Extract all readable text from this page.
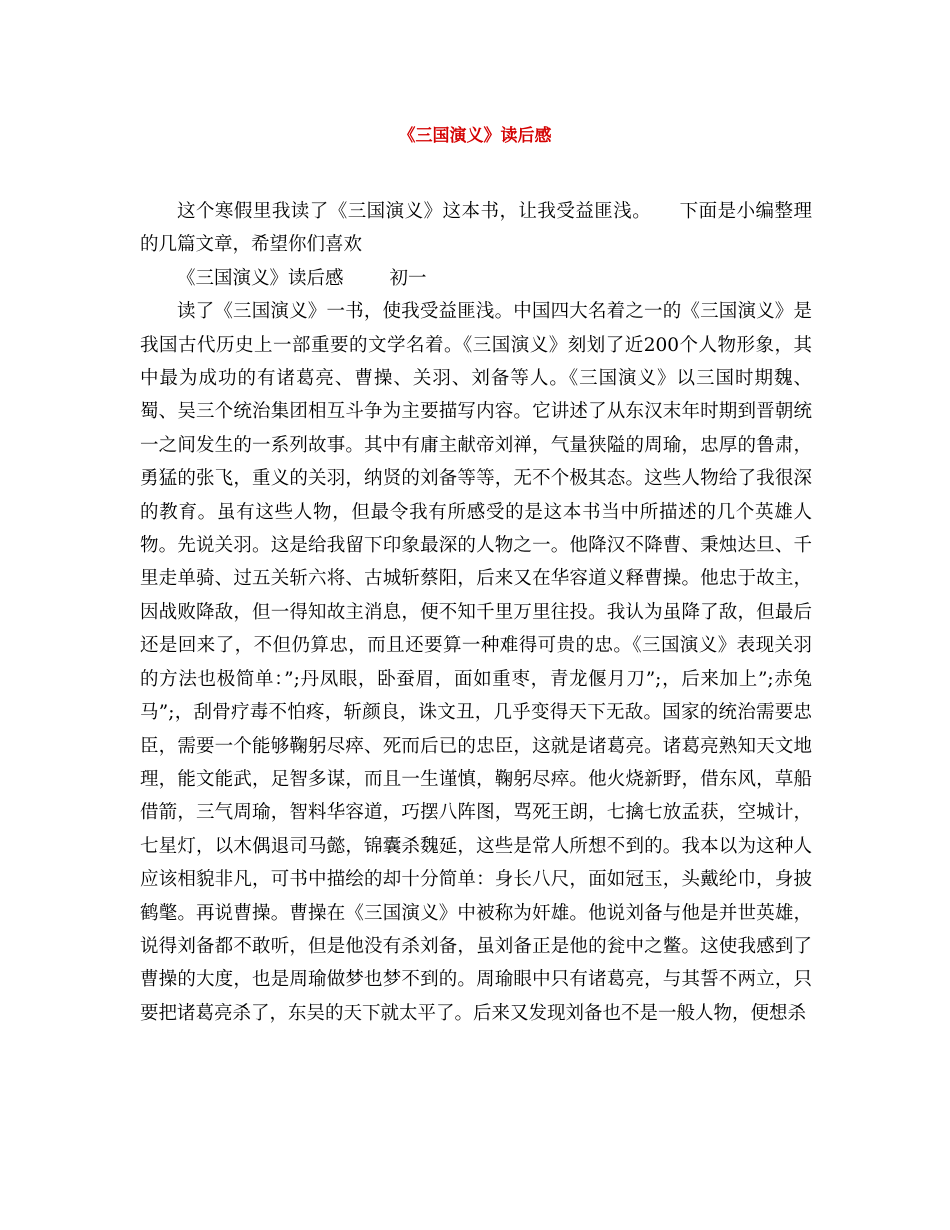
《三国演义》读后感

这个寒假里我读了《三国演义》这本书，让我受益匪浅。 下面是小编整理的几篇文章，希望你们喜欢

《三国演义》读后感 初一

读了《三国演义》一书，使我受益匪浅。中国四大名着之一的《三国演义》是我国古代历史上一部重要的文学名着。《三国演义》刻划了近200个人物形象，其中最为成功的有诸葛亮、曹操、关羽、刘备等人。《三国演义》以三国时期魏、蜀、吴三个统治集团相互斗争为主要描写内容。它讲述了从东汉末年时期到晋朝统一之间发生的一系列故事。其中有庸主献帝刘禅，气量狭隘的周瑜，忠厚的鲁肃，勇猛的张飞，重义的关羽，纳贤的刘备等等，无不个极其态。这些人物给了我很深的教育。虽有这些人物，但最令我有所感受的是这本书当中所描述的几个英雄人物。先说关羽。这是给我留下印象最深的人物之一。他降汉不降曹、秉烛达旦、千里走单骑、过五关斩六将、古城斩蔡阳，后来又在华容道义释曹操。他忠于故主，因战败降敌，但一得知故主消息，便不知千里万里往投。我认为虽降了敌，但最后还是回来了，不但仍算忠，而且还要算一种难得可贵的忠。《三国演义》表现关羽的方法也极简单：”;丹凤眼，卧蚕眉，面如重枣，青龙偃月刀”;，后来加上”;赤兔马”;，刮骨疗毒不怕疼，斩颜良，诛文丑，几乎变得天下无敌。国家的统治需要忠臣，需要一个能够鞠躬尽瘁、死而后已的忠臣，这就是诸葛亮。诸葛亮熟知天文地理，能文能武，足智多谋，而且一生谨慎，鞠躬尽瘁。他火烧新野，借东风，草船借箭，三气周瑜，智料华容道，巧摆八阵图，骂死王朗，七擒七放孟获，空城计，七星灯，以木偶退司马懿，锦囊杀魏延，这些是常人所想不到的。我本以为这种人应该相貌非凡，可书中描绘的却十分简单：身长八尺，面如冠玉，头戴纶巾，身披鹤氅。再说曹操。曹操在《三国演义》中被称为奸雄。他说刘备与他是并世英雄，说得刘备都不敢听，但是他没有杀刘备，虽刘备正是他的瓮中之鳖。这使我感到了曹操的大度，也是周瑜做梦也梦不到的。周瑜眼中只有诸葛亮，与其誓不两立，只要把诸葛亮杀了，东吴的天下就太平了。后来又发现刘备也不是一般人物，便想杀
